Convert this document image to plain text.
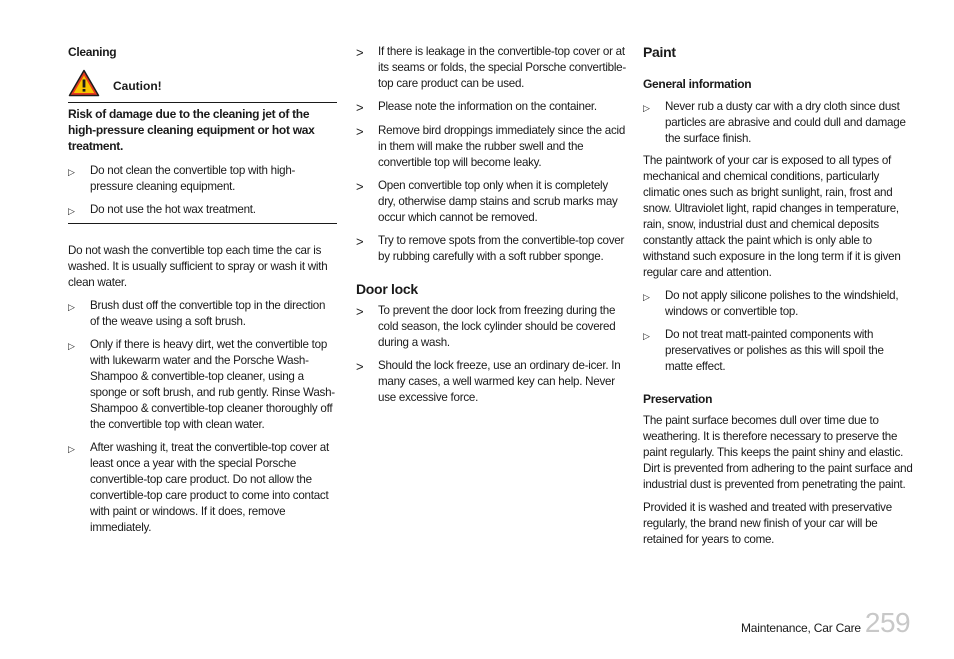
Cleaning
Caution!
Risk of damage due to the cleaning jet of the high-pressure cleaning equipment or hot wax treatment.
▷	Do not clean the convertible top with high-pressure cleaning equipment.
▷	Do not use the hot wax treatment.

Do not wash the convertible top each time the car is washed. It is usually sufficient to spray or wash it with clean water.

▷	Brush dust off the convertible top in the direction of the weave using a soft brush.
▷	Only if there is heavy dirt, wet the convertible top with lukewarm water and the Porsche Wash-Shampoo & convertible-top cleaner, using a sponge or soft brush, and rub gently. Rinse Wash-Shampoo & convertible-top cleaner thoroughly off the convertible top with clean water.
▷	After washing it, treat the convertible-top cover at least once a year with the special Porsche convertible-top care product. Do not allow the convertible-top care product to come into contact with paint or windows. If it does, remove immediately.
>	If there is leakage in the convertible-top cover or at its seams or folds, the special Porsche convertible-top care product can be used.
>	Please note the information on the container.
>	Remove bird droppings immediately since the acid in them will make the rubber swell and the convertible top will become leaky.
>	Open convertible top only when it is completely dry, otherwise damp stains and scrub marks may occur which cannot be removed.
>	Try to remove spots from the convertible-top cover by rubbing carefully with a soft rubber sponge.
Door lock
>	To prevent the door lock from freezing during the cold season, the lock cylinder should be covered during a wash.
>	Should the lock freeze, use an ordinary de-icer. In many cases, a well warmed key can help. Never use excessive force.
Paint
General information
▷	Never rub a dusty car with a dry cloth since dust particles are abrasive and could dull and damage the surface finish.

The paintwork of your car is exposed to all types of mechanical and chemical conditions, particularly climatic ones such as bright sunlight, rain, frost and snow. Ultraviolet light, rapid changes in temperature, rain, snow, industrial dust and chemical deposits constantly attack the paint which is only able to withstand such exposure in the long term if it is given regular care and attention.

▷	Do not apply silicone polishes to the windshield, windows or convertible top.
▷	Do not treat matt-painted components with preservatives or polishes as this will spoil the matte effect.
Preservation

The paint surface becomes dull over time due to weathering. It is therefore necessary to preserve the paint regularly. This keeps the paint shiny and elastic. Dirt is prevented from adhering to the paint surface and industrial dust is prevented from penetrating the paint.

Provided it is washed and treated with preservative regularly, the brand new finish of your car will be retained for years to come.

Maintenance, Car Care 259
